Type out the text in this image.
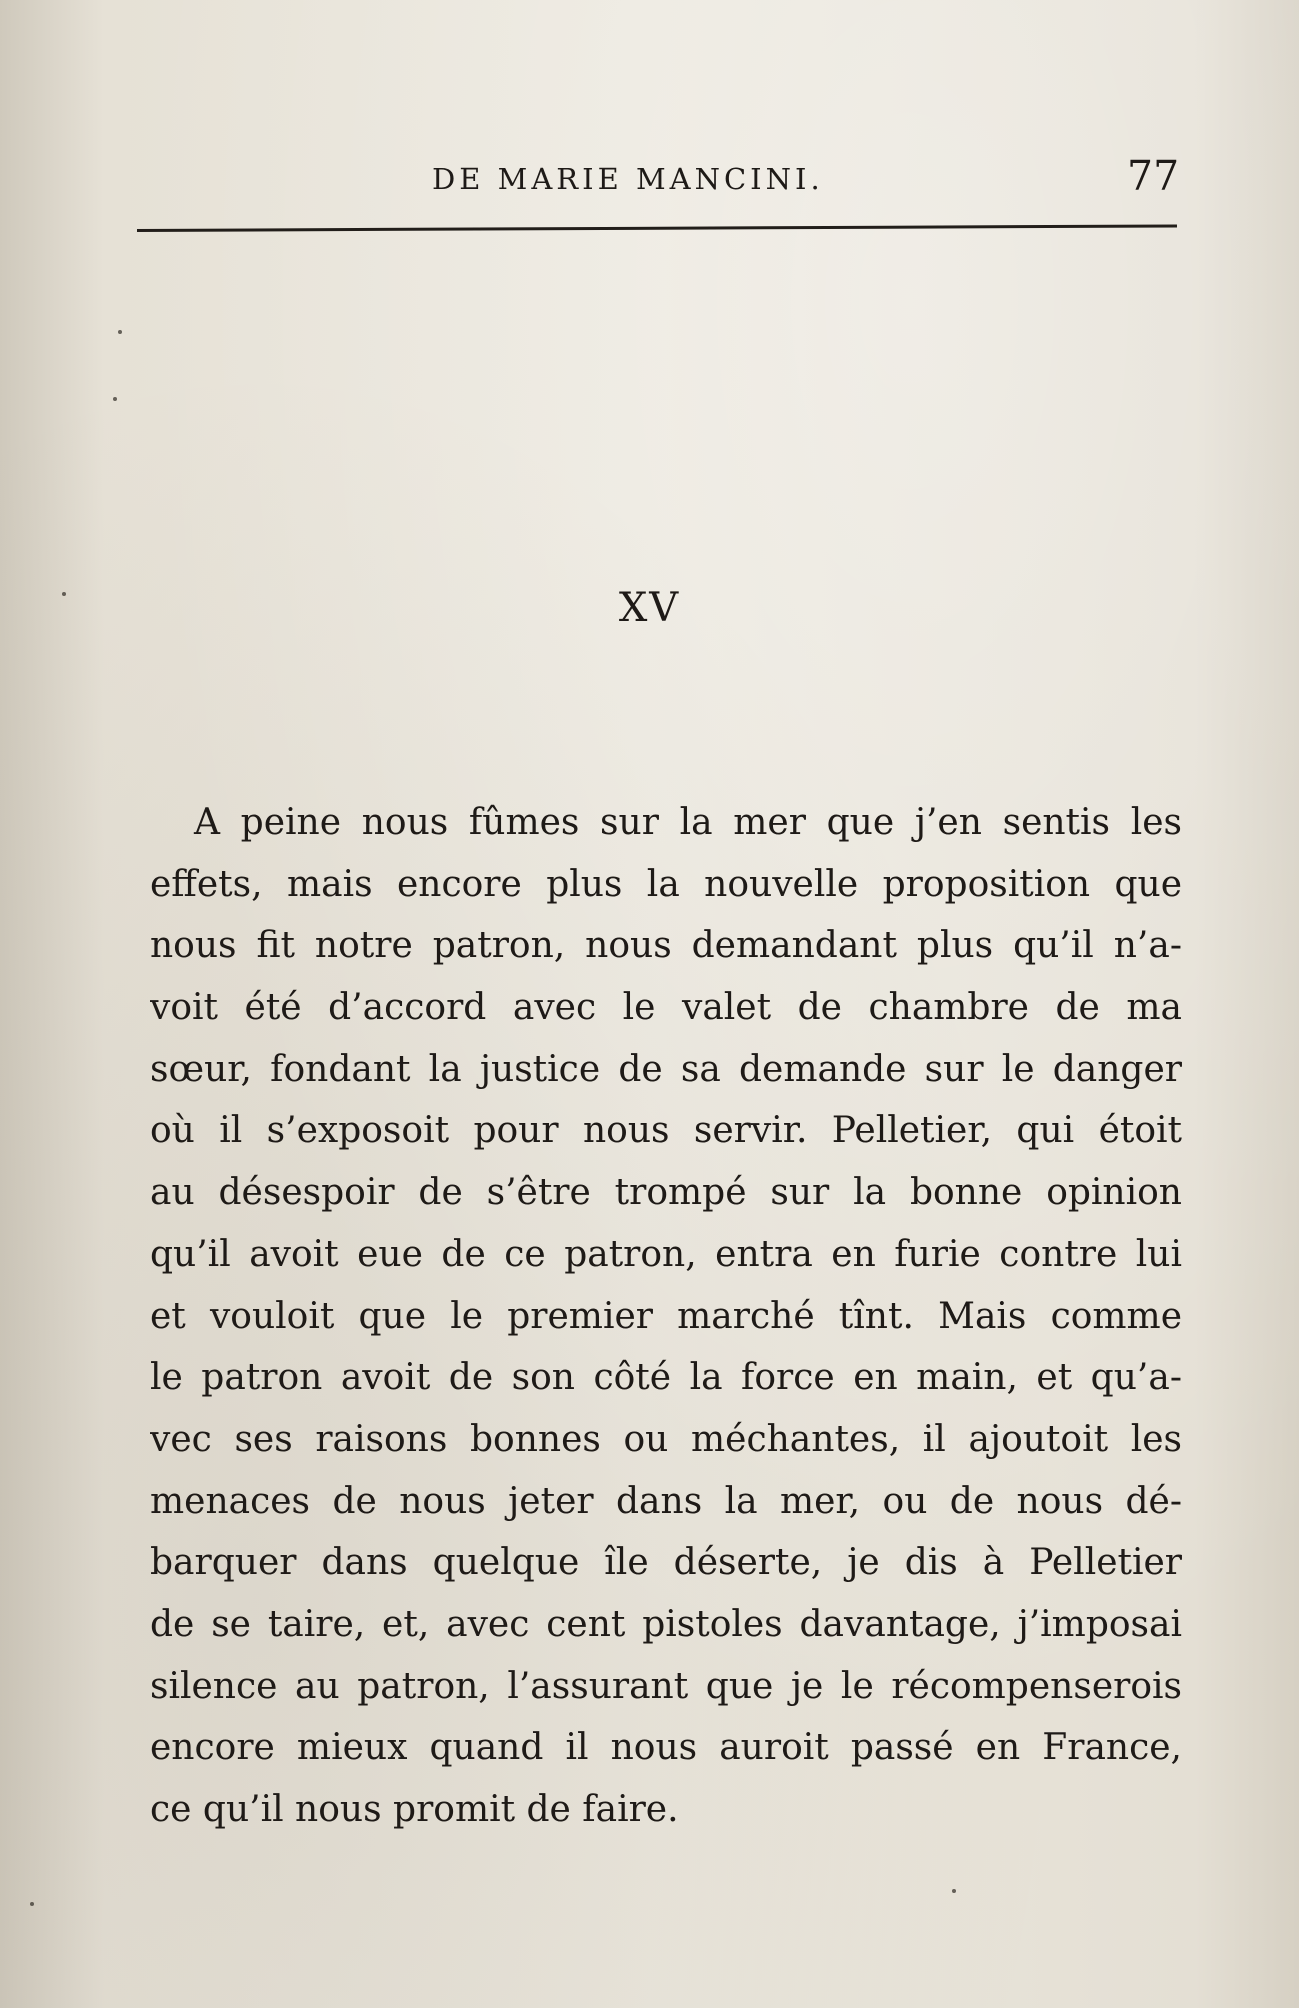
DE MARIE MANCINI.	77
XV
A peine nous fûmes sur la mer que j’en sentis les
effets, mais encore plus la nouvelle proposition que
nous fit notre patron, nous demandant plus qu’il n’a-
voit été d’accord avec le valet de chambre de ma
sœur, fondant la justice de sa demande sur le danger
où il s’exposoit pour nous servir. Pelletier, qui étoit
au désespoir de s’être trompé sur la bonne opinion
qu’il avoit eue de ce patron, entra en furie contre lui
et vouloit que le premier marché tînt. Mais comme
le patron avoit de son côté la force en main, et qu’a-
vec ses raisons bonnes ou méchantes, il ajoutoit les
menaces de nous jeter dans la mer, ou de nous dé-
barquer dans quelque île déserte, je dis à Pelletier
de se taire, et, avec cent pistoles davantage, j’imposai
silence au patron, l’assurant que je le récompenserois
encore mieux quand il nous auroit passé en France,
ce qu’il nous promit de faire.
